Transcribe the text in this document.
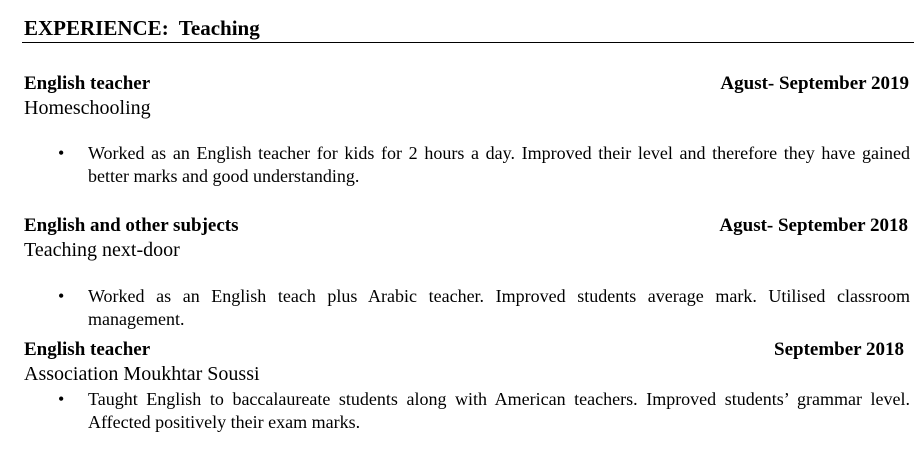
EXPERIENCE:  Teaching
English teacher	Agust- September 2019
Homeschooling
• Worked as an English teacher for kids for 2 hours a day. Improved their level and therefore they have gained better marks and good understanding.
English and other subjects	Agust- September 2018
Teaching next-door
• Worked as an English teach plus Arabic teacher. Improved students average mark. Utilised classroom management.
English teacher	September 2018
Association Moukhtar Soussi
• Taught English to baccalaureate students along with American teachers. Improved students’ grammar level. Affected positively their exam marks.
